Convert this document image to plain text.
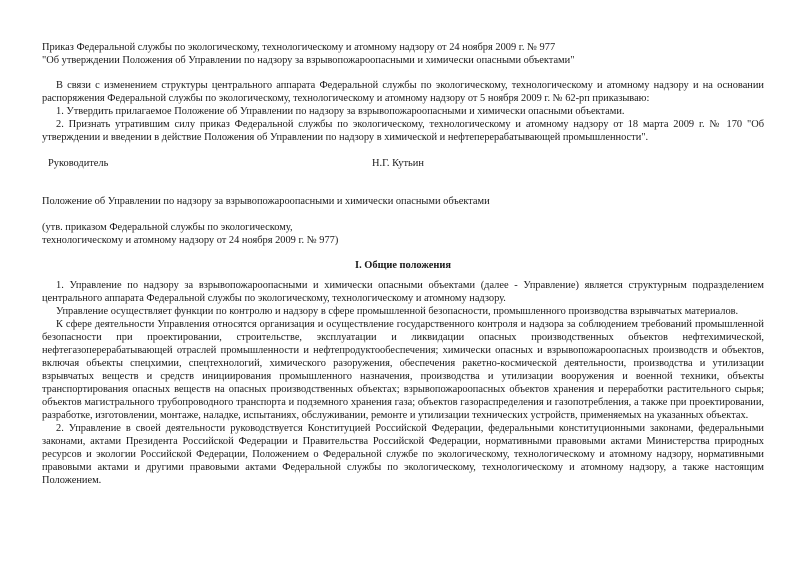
Приказ Федеральной службы по экологическому, технологическому и атомному надзору от 24 ноября 2009 г. № 977

"Об утверждении Положения об Управлении по надзору за взрывопожароопасными и химически опасными объектами"

В связи с изменением структуры центрального аппарата Федеральной службы по экологическому, технологическому и атомному надзору и на основании распоряжения Федеральной службы по экологическому, технологическому и атомному надзору от 5 ноября 2009 г. № 62-рп приказываю:

1. Утвердить прилагаемое Положение об Управлении по надзору за взрывопожароопасными и химически опасными объектами.

2. Признать утратившим силу приказ Федеральной службы по экологическому, технологическому и атомному надзору от 18 марта 2009 г. № 170 "Об утверждении и введении в действие Положения об Управлении по надзору в химической и нефтеперерабатывающей промышленности".

Руководитель	Н.Г. Кутьин

Положение об Управлении по надзору за взрывопожароопасными и химически опасными объектами

(утв. приказом Федеральной службы по экологическому,

технологическому и атомному надзору от 24 ноября 2009 г. № 977)

I. Общие положения

1. Управление по надзору за взрывопожароопасными и химически опасными объектами (далее - Управление) является структурным подразделением центрального аппарата Федеральной службы по экологическому, технологическому и атомному надзору.

Управление осуществляет функции по контролю и надзору в сфере промышленной безопасности, промышленного производства взрывчатых материалов.

К сфере деятельности Управления относятся организация и осуществление государственного контроля и надзора за соблюдением требований промышленной безопасности при проектировании, строительстве, эксплуатации и ликвидации опасных производственных объектов нефтехимической, нефтегазоперерабатывающей отраслей промышленности и нефтепродуктообеспечения; химически опасных и взрывопожароопасных производств и объектов, включая объекты спецхимии, спецтехнологий, химического разоружения, обеспечения ракетно-космической деятельности, производства и утилизации взрывчатых веществ и средств инициирования промышленного назначения, производства и утилизации вооружения и военной техники, объекты транспортирования опасных веществ на опасных производственных объектах; взрывопожароопасных объектов хранения и переработки растительного сырья; объектов магистрального трубопроводного транспорта и подземного хранения газа; объектов газораспределения и газопотребления, а также при проектировании, разработке, изготовлении, монтаже, наладке, испытаниях, обслуживании, ремонте и утилизации технических устройств, применяемых на указанных объектах.

2. Управление в своей деятельности руководствуется Конституцией Российской Федерации, федеральными конституционными законами, федеральными законами, актами Президента Российской Федерации и Правительства Российской Федерации, нормативными правовыми актами Министерства природных ресурсов и экологии Российской Федерации, Положением о Федеральной службе по экологическому, технологическому и атомному надзору, нормативными правовыми актами и другими правовыми актами Федеральной службы по экологическому, технологическому и атомному надзору, а также настоящим Положением.
